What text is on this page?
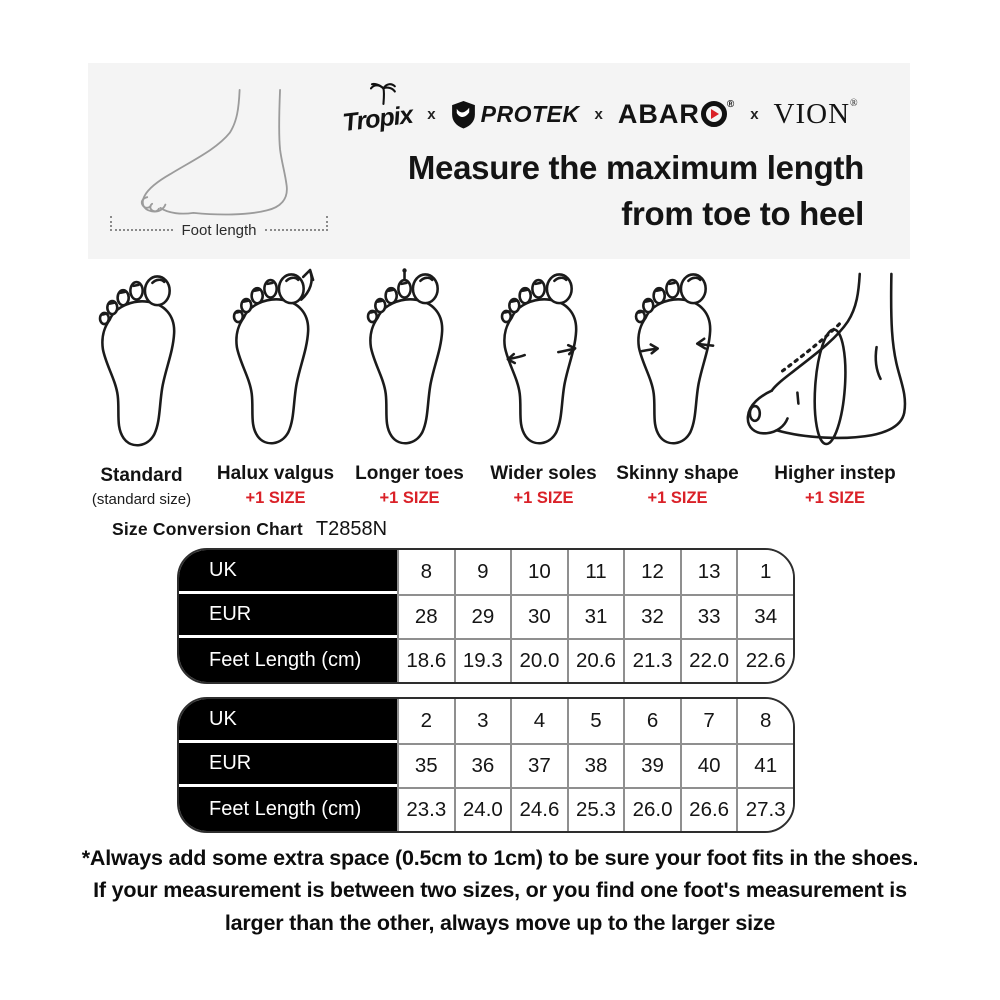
Foot length
Tropix x PROTEK x ABAR	®
x VION ®
Measure the maximum length
from toe to heel
Standard
(standard size)
Halux valgus
+1 SIZE
Longer toes
+1 SIZE
Wider soles
+1 SIZE
Skinny shape
+1 SIZE
Higher instep
+1 SIZE
Size Conversion Chart T2858N
UK	8	9	10	11	12	13	1
EUR	28	29	30	31	32	33	34
Feet Length (cm)	18.6 19.3 20.0 20.6 21.3 22.0 22.6
UK	2	3	4	5	6	7	8
EUR	35	36	37	38	39	40	41
Feet Length (cm)	23.3 24.0 24.6 25.3 26.0 26.6 27.3
*Always add some extra space (0.5cm to 1cm) to be sure your foot fits in the shoes.
If your measurement is between two sizes, or you find one foot's measurement is
larger than the other, always move up to the larger size
